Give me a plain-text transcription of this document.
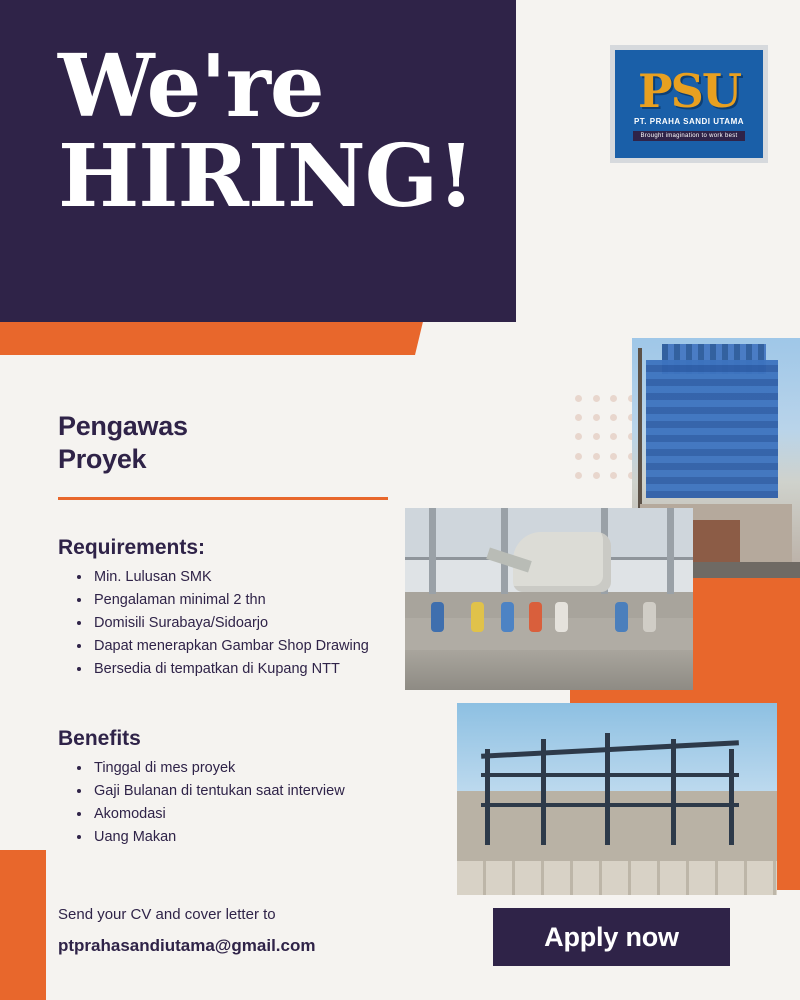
We're
HIRING!
PSU
PT. PRAHA SANDI UTAMA
Brought imagination to work best
Pengawas
Proyek
Requirements:
• Min. Lulusan SMK
• Pengalaman minimal 2 thn
• Domisili Surabaya/Sidoarjo
• Dapat menerapkan Gambar Shop Drawing
• Bersedia di tempatkan di Kupang NTT
Benefits
• Tinggal di mes proyek
• Gaji Bulanan di tentukan saat interview
• Akomodasi
• Uang Makan
Send your CV and cover letter to
ptprahasandiutama@gmail.com	Apply now
